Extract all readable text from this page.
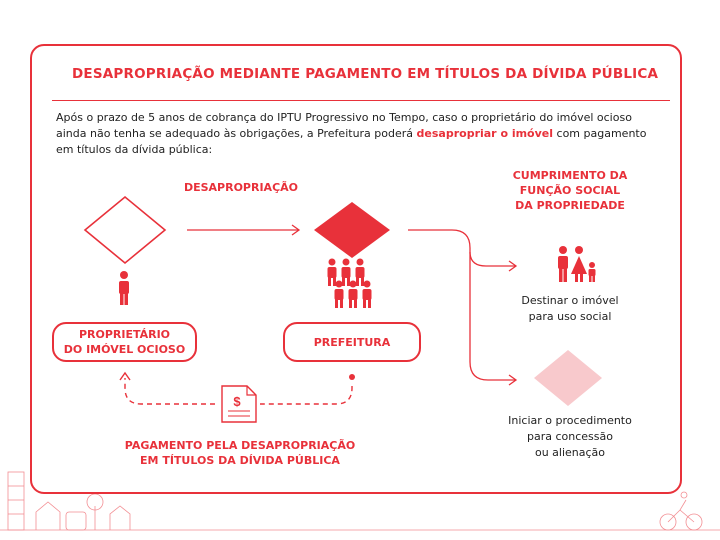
DESAPROPRIAÇÃO MEDIANTE PAGAMENTO EM TÍTULOS DA DÍVIDA PÚBLICA
Após o prazo de 5 anos de cobrança do IPTU Progressivo no Tempo, caso o proprietário do imóvel ocioso
ainda não tenha se adequado às obrigações, a Prefeitura poderá desapropriar o imóvel com pagamento
em títulos da dívida pública:
$
DESAPROPRIAÇÃO
CUMPRIMENTO DA
FUNÇÃO SOCIAL
DA PROPRIEDADE
PROPRIETÁRIO
DO IMÓVEL OCIOSO
PREFEITURA
Destinar o imóvel
para uso social
Iniciar o procedimento
para concessão
ou alienação
PAGAMENTO PELA DESAPROPRIAÇÃO
EM TÍTULOS DA DÍVIDA PÚBLICA
